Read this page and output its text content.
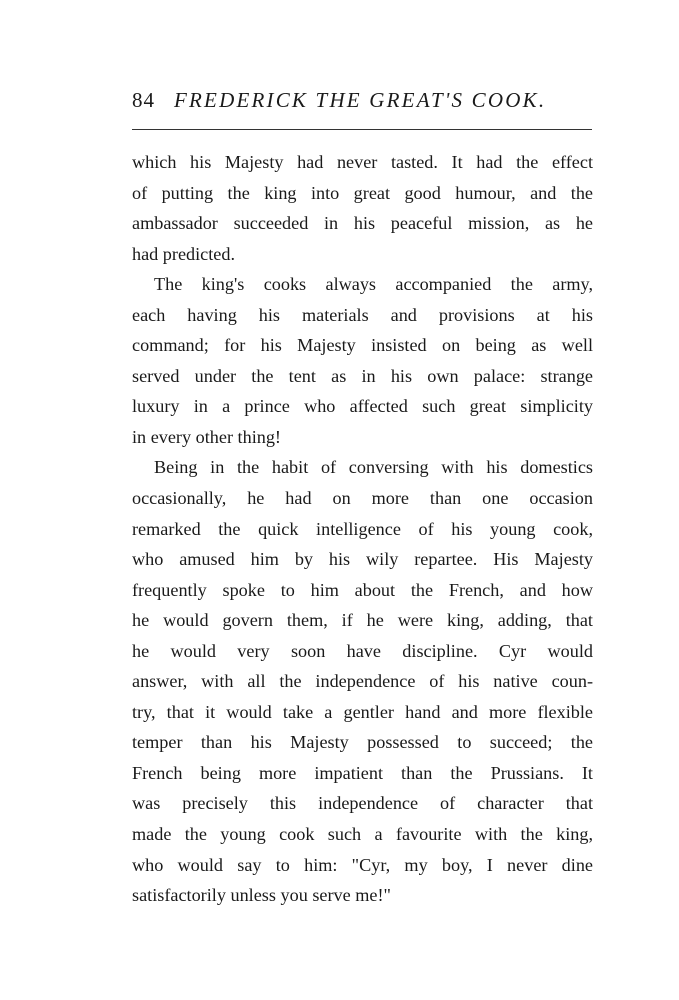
84 FREDERICK THE GREAT'S COOK.
which his Majesty had never tasted. It had the effect
of putting the king into great good humour, and the
ambassador succeeded in his peaceful mission, as he
had predicted.
The king's cooks always accompanied the army,
each having his materials and provisions at his
command; for his Majesty insisted on being as well
served under the tent as in his own palace: strange
luxury in a prince who affected such great simplicity
in every other thing!
Being in the habit of conversing with his domestics
occasionally, he had on more than one occasion
remarked the quick intelligence of his young cook,
who amused him by his wily repartee. His Majesty
frequently spoke to him about the French, and how
he would govern them, if he were king, adding, that
he would very soon have discipline. Cyr would
answer, with all the independence of his native coun-
try, that it would take a gentler hand and more flexible
temper than his Majesty possessed to succeed; the
French being more impatient than the Prussians. It
was precisely this independence of character that
made the young cook such a favourite with the king,
who would say to him: "Cyr, my boy, I never dine
satisfactorily unless you serve me!"
